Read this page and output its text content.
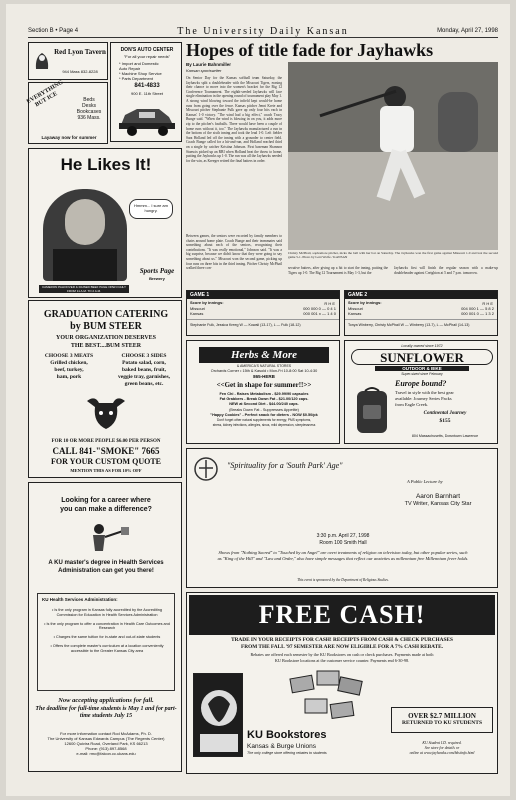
Section B • Page 4	The University Daily Kansan	Monday, April 27, 1998
Red Lyon Tavern
944 Mass 832-8228
DON'S AUTO CENTER
"For all your repair needs"
* Import and Domestic
Auto Repair
* Machine Shop Service
* Parts Department
841-4833
900 E. 11th Street
EVERYTHING BUT ICE	Beds
Desks
Bookcases
936 Mass.
Layaway now for summer
He Likes It!
Hmmm... I sure am hungry.
Sports Page
Brewery
CAMERON PAHOOVER & RAISED BEEF PAGE OPEN DAILY FROM 11 A.M. TO 2 A.M.
GRADUATION CATERING
by BUM STEER
YOUR ORGANIZATION DESERVES
THE BEST....BUM STEER
CHOOSE 3 MEATS
Grilled chicken,
beef, turkey,
ham, pork
CHOOSE 3 SIDES
Potato salad, corn,
baked beans, fruit,
veggie tray, garnishes,
green beans, etc.
FOR 10 OR MORE PEOPLE $6.00 PER PERSON
CALL 841-"SMOKE" 7665
FOR YOUR CUSTOM QUOTE
MENTION THIS AS FOR 10% OFF
Looking for a career where
you can make a difference?
A KU master's degree in Health Services Administration can get you there!
KU Health Services Administration:
• Is the only program in Kansas fully accredited by the Accrediting Commission for Education in Health Services Administration
• Is the only program to offer a concentration in Health Care Outcomes and Research
• Charges the same tuition for in-state and out-of-state students
• Offers the complete master's curriculum at a location conveniently accessible to the Greater Kansas City area
Now accepting applications for fall.
The deadline for full-time students is May 1 and for part-time students July 15
For more information contact Rod McAdams, Ph. D.
The University of Kansas Edwards Campus (The Regents Center)
12600 Quivira Road, Overland Park, KS 66213
Phone: (913) 897-8568
e-mail: rmc@falcon.cc.ukans.edu
Hopes of title fade for Jayhawks
By Laurie Bahnmiller
Kansan sportswriter
On Senior Day for the Kansas softball team Saturday, the Jayhawks split a doubleheader with the Missouri Tigers, erasing their chance to move into the women's bracket for the Big 12 Conference Tournament. The eighth-seeded Jayhawks will face single elimination in the opening round of tournament play May 1. A strong wind blowing toward the infield kept would-be home runs from going over the fence. Kansas pitcher Jenni Kreie and Missouri pitcher Stephanie Fulk gave up only four hits each in Kansas' 1-0 victory. "The wind had a big effect," coach Tracy Bunge said. "When the wind is blowing in on you, it adds more zip to the pitcher's fastballs. There would have been a couple of home runs without it, too." The Jayhawks manufactured a run in the bottom of the sixth inning and took the lead 1-0. Left fielder Sara Holland led off the inning with a grounder to center field. Coach Bunge called for a hit-and-run, and Holland reached third on a single by catcher Kristina Johnson. First baseman Shannon Stanwix picked up an RBI when Holland beat the throw to home, putting the Jayhawks up 1-0. The run was all the Jayhawks needed for the win, as Kreeger retired the final batters in order.
Christy McPhail, sophomore pitcher, nicks the ball with her bat on Saturday. The Jayhawks won the first game against Missouri 1-0 and lost the second game 5-1. Photo by Lexi Wolfe / KANSAN
Between games, the seniors were escorted by family members to chairs around home plate. Coach Bunge and their teammates said something about each of the seniors, recognizing their contributions. "It was really emotional," Johnson said. "It was a big surprise, because we didn't know that they were going to say something about us." Missouri won the second game, picking up four runs on three hits in the third inning. Pitcher Christy McPhail walked three con-	secutive batters, after giving up a hit to start the inning, putting the Tigers up 1-0. The Big 12 Tournament is May 1-3, but the
Jayhawks first will finish the regular season with a make-up doubleheader against Creighton at 5 and 7 p.m. tomorrow.
GAME 1
Score by innings:	R H E
Missouri	000 000 0 — 0 4 1
Kansas	000 001 x — 1 4 0
Stephanie Fulk, Jessica Kreeg W — Kowali (13-17), L — Fulk (18-12)
GAME 2
Score by innings:	R H E
Missouri	004 000 1 — 5 8 2
Kansas	000 001 0 — 1 3 2
Tonya Winberry, Christy McPhail W — Winberry (13-7), L — McPhail (14-13)
Herbs & More
& AMERICA'S NATURAL STORES
Orchards Corner • 15th & Kasold • Mon-Fri 10-8:00 Sat 10-4:30
865-HERB
<<Get in shape for summer!!>>
Fen Chi - Raises Metabolism - $29.99/90 capsules
Fat Grabbers - Break Down Fat - $21.00/120 caps.
NEW at Second Diet - $44.00/240 caps.
(Breaks Down Fat - Suppresses Appetite)
"Happy Cookies" - Perfect snack for dieters - NOW $0.50/pk
Don't forget other natural supplements for energy, PMS symptoms,
stress, kidney infections, allergies, sinus, mild depression, sleeplessness
Locally owned since 1972
SUNFLOWER
OUTDOOR & BIKE
Super-sized since February
Europe bound?
Travel in style with the best gear
available: Journey Series Packs
from Eagle Creek.
Continental Journey
$155
804 Massachusetts, Downtown Lawrence
"Spirituality for a 'South Park' Age"
A Public Lecture by
Aaron Barnhart
TV Writer, Kansas City Star
3:30 p.m. April 27, 1998
Room 100 Smith Hall
Shows from "Nothing Sacred" to "Touched by an Angel" are overt treatments of religion on television today, but other popular series, such as "King of the Hill" and "Law and Order," also have simple messages that reflect our anxieties as millennium free Millennium fever holds.
This event is sponsored by the Department of Religious Studies.
FREE CASH!
TRADE IN YOUR RECEIPTS FOR CASH! RECEIPTS FROM CASH & CHECK PURCHASES
FROM THE FALL '97 SEMESTER ARE NOW ELIGIBLE FOR A 7% CASH REBATE.
Rebates are offered each semester by the KU Bookstores on cash or check purchases. Payments made at both
KU Bookstore locations at the customer service counter. Payments end 6-30-98.
KU Bookstores
Kansas & Burge Unions
The only college store offering rebates to students
OVER $2.7 MILLION
RETURNED TO KU STUDENTS
KU Student I.D. required.
See store for details or
online at www.jayhawks.com/bkstinfo.html
